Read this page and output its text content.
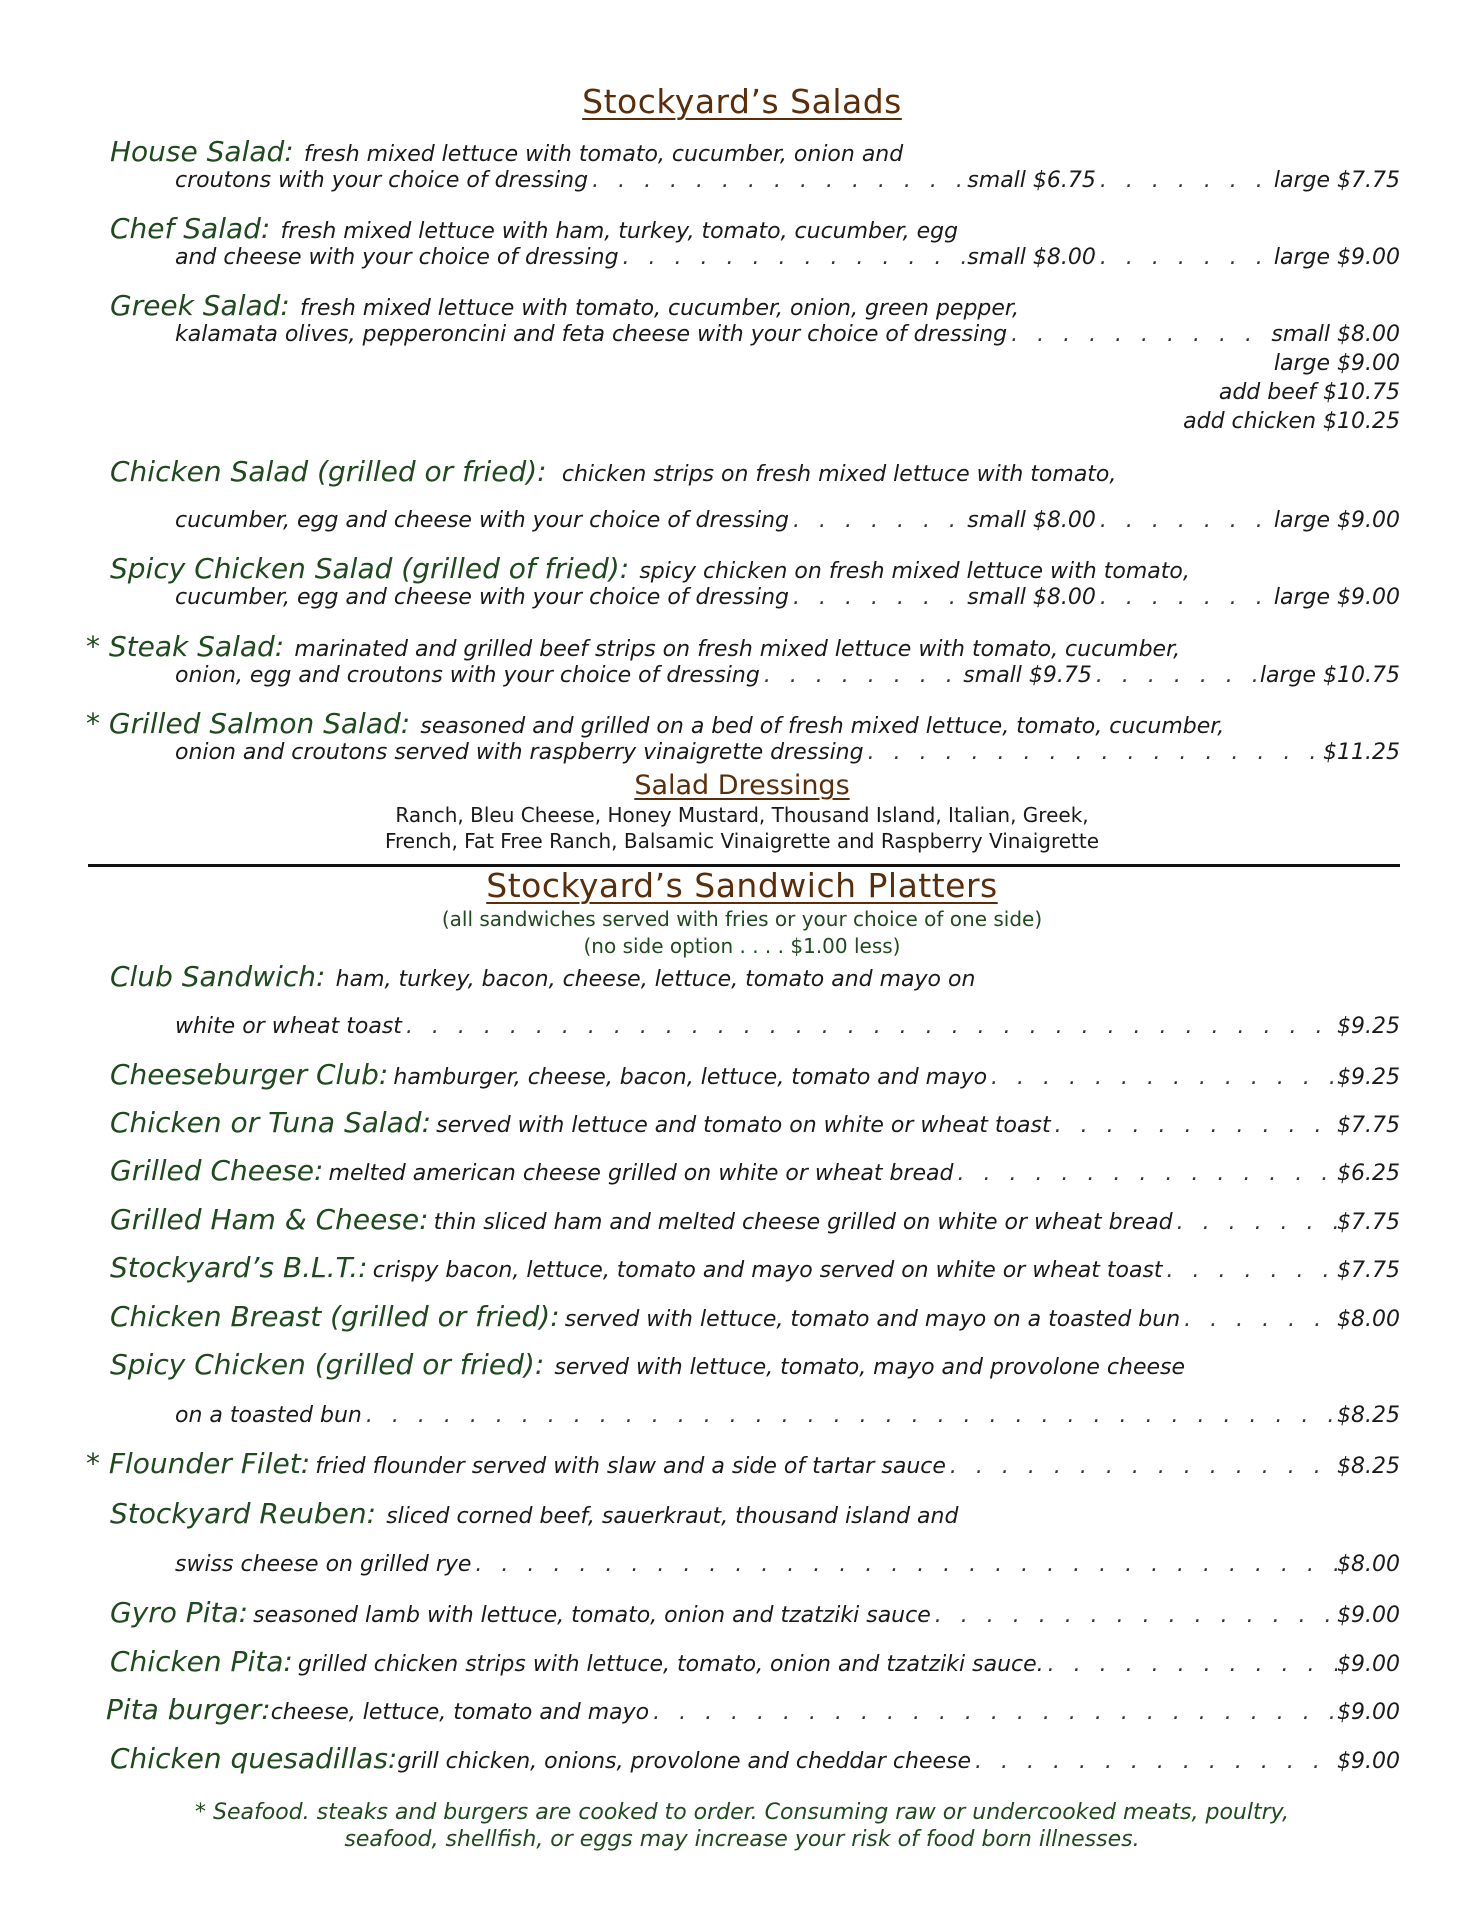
Stockyard’s Salads
House Salad: fresh mixed lettuce with tomato, cucumber, onion and
croutons with your choice of dressing . . .	small $6.75 . . .	large $7.75
Chef Salad: fresh mixed lettuce with ham, turkey, tomato, cucumber, egg
and cheese with your choice of dressing . . .	small $8.00 . . .	large $9.00
Greek Salad: fresh mixed lettuce with tomato, cucumber, onion, green pepper,
kalamata olives, pepperoncini and feta cheese with your choice of dressing . . .	small $8.00
large $9.00
add beef $10.75
add chicken $10.25
Chicken Salad (grilled or fried): chicken strips on fresh mixed lettuce with tomato,
cucumber, egg and cheese with your choice of dressing . . .	small $8.00 . . .	large $9.00
Spicy Chicken Salad (grilled of fried): spicy chicken on fresh mixed lettuce with tomato,
cucumber, egg and cheese with your choice of dressing . . .	small $8.00 . . .	large $9.00
* Steak Salad: marinated and grilled beef strips on fresh mixed lettuce with tomato, cucumber,
onion, egg and croutons with your choice of dressing . . .	small $9.75 . . .	large $10.75
* Grilled Salmon Salad: seasoned and grilled on a bed of fresh mixed lettuce, tomato, cucumber,
onion and croutons served with raspberry vinaigrette dressing . . .	$11.25
Salad Dressings
Ranch, Bleu Cheese, Honey Mustard, Thousand Island, Italian, Greek,
French, Fat Free Ranch, Balsamic Vinaigrette and Raspberry Vinaigrette
Stockyard’s Sandwich Platters
(all sandwiches served with fries or your choice of one side)
(no side option . . . . $1.00 less)
Club Sandwich: ham, turkey, bacon, cheese, lettuce, tomato and mayo on
white or wheat toast . . .	$9.25
Cheeseburger Club:
hamburger, cheese, bacon, lettuce, tomato and mayo . . .	$9.25
Chicken or Tuna Salad:
served with lettuce and tomato on white or wheat toast . . .	$7.75
Grilled Cheese:
melted american cheese grilled on white or wheat bread . . .	$6.25
Grilled Ham & Cheese:
thin sliced ham and melted cheese grilled on white or wheat bread . . .	$7.75
Stockyard’s B.L.T.:
crispy bacon, lettuce, tomato and mayo served on white or wheat toast . . .	$7.75
Chicken Breast (grilled or fried):
served with lettuce, tomato and mayo on a toasted bun . . .	$8.00
Spicy Chicken (grilled or fried): served with lettuce, tomato, mayo and provolone cheese
on a toasted bun . . .	$8.25
* Flounder Filet:
fried flounder served with slaw and a side of tartar sauce . . .	$8.25
Stockyard Reuben: sliced corned beef, sauerkraut, thousand island and
swiss cheese on grilled rye . . .	$8.00
Gyro Pita:
seasoned lamb with lettuce, tomato, onion and tzatziki sauce . . .	$9.00
Chicken Pita:
grilled chicken strips with lettuce, tomato, onion and tzatziki sauce. . . .	$9.00
Pita burger: cheese, lettuce, tomato and mayo . . .	$9.00
Chicken quesadillas: grill chicken, onions, provolone and cheddar cheese . . .	$9.00
* Seafood. steaks and burgers are cooked to order. Consuming raw or undercooked meats, poultry,
seafood, shellfish, or eggs may increase your risk of food born illnesses.
